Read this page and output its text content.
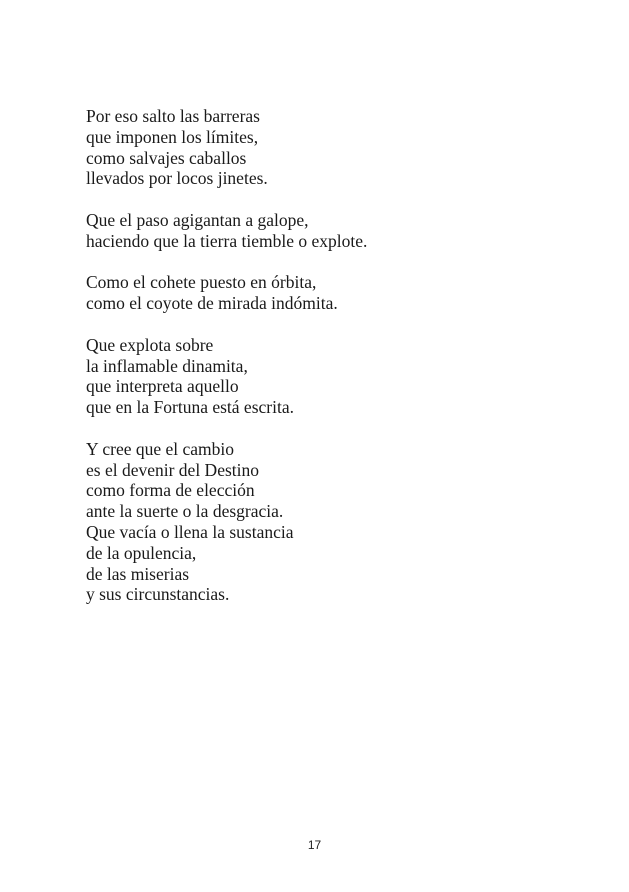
Por eso salto las barreras
que imponen los límites,
como salvajes caballos
llevados por locos jinetes.
Que el paso agigantan a galope,
haciendo que la tierra tiemble o explote.
Como el cohete puesto en órbita,
como el coyote de mirada indómita.
Que explota sobre
la inflamable dinamita,
que interpreta aquello
que en la Fortuna está escrita.
Y cree que el cambio
es el devenir del Destino
como forma de elección
ante la suerte o la desgracia.
Que vacía o llena la sustancia
de la opulencia,
de las miserias
y sus circunstancias.
17
